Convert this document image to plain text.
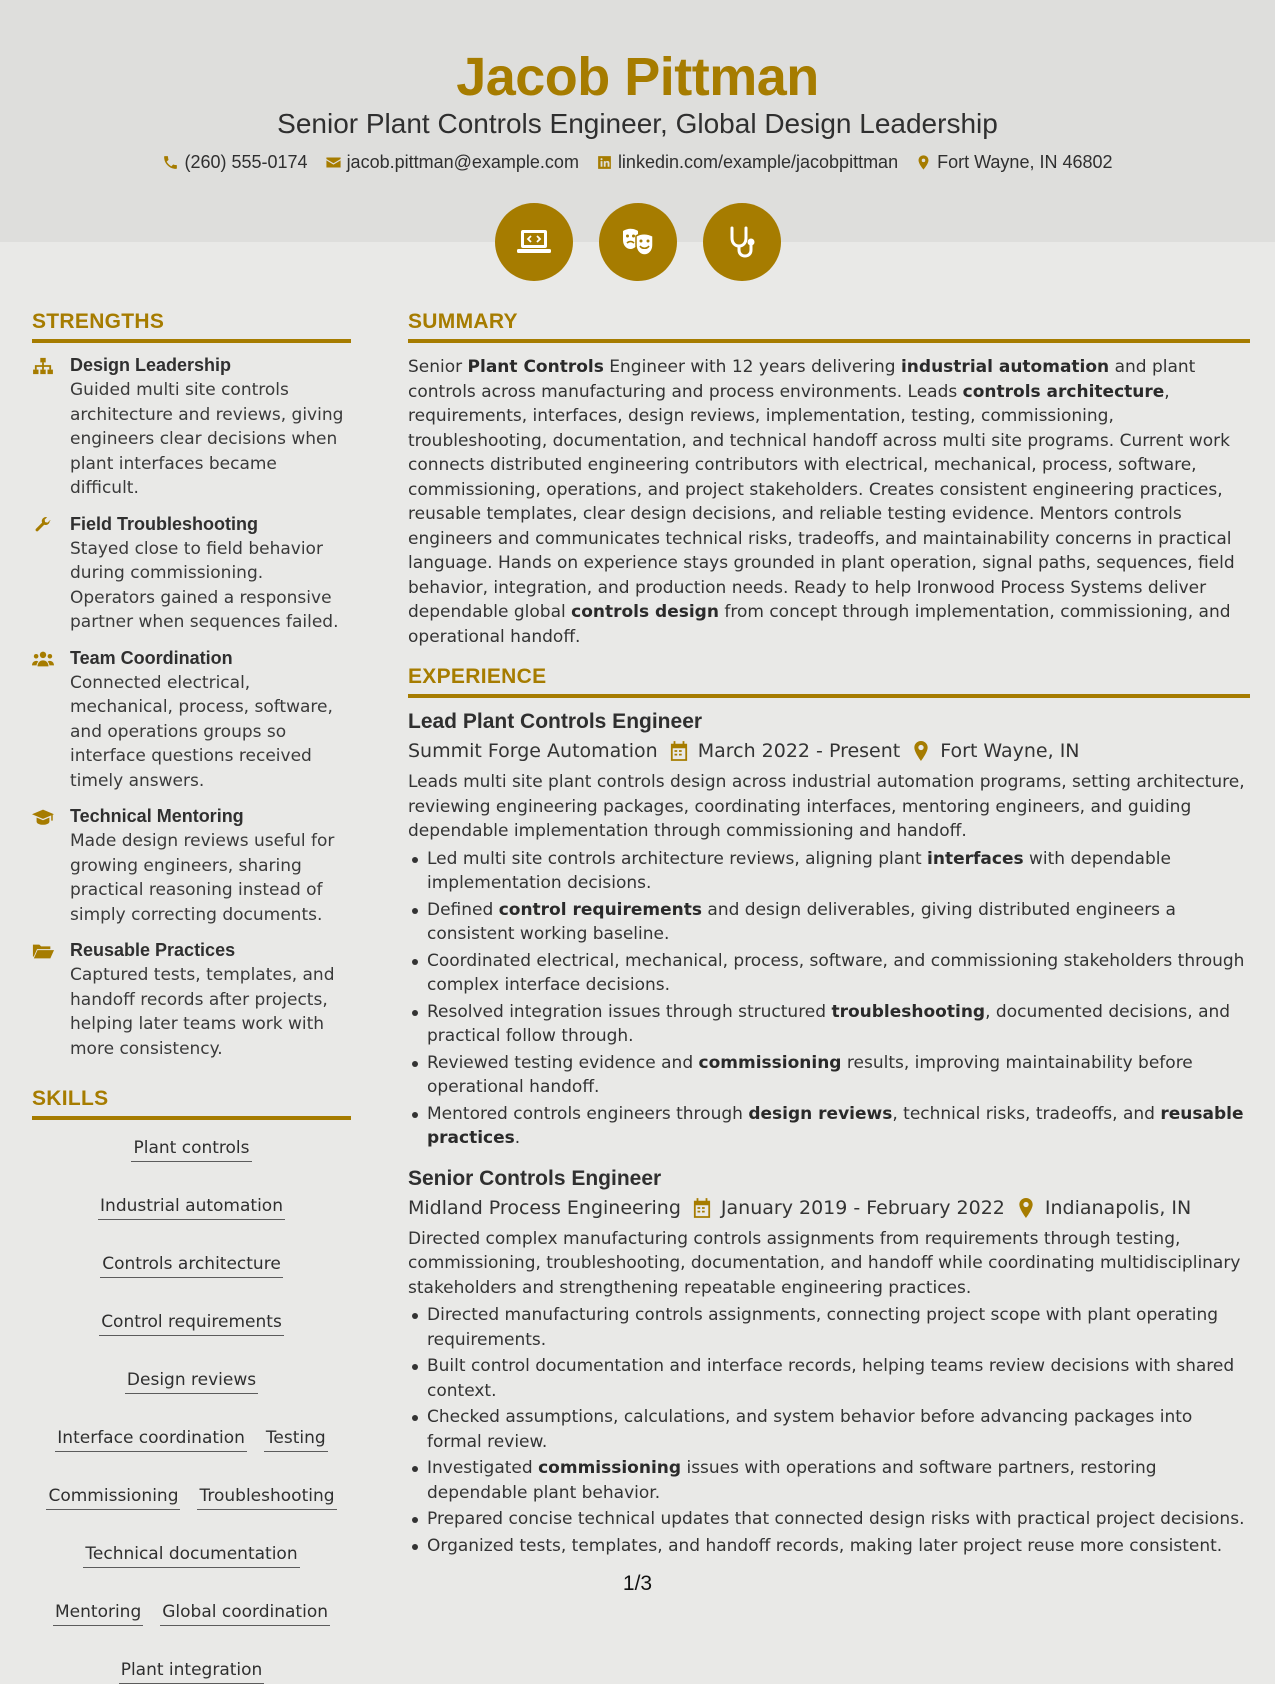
Jacob Pittman
Senior Plant Controls Engineer, Global Design Leadership
(260) 555-0174 jacob.pittman@example.com linkedin.com/example/jacobpittman Fort Wayne, IN 46802
STRENGTHS
Design Leadership
Guided multi site controls architecture and reviews, giving engineers clear decisions when plant interfaces became difficult.
Field Troubleshooting
Stayed close to field behavior during commissioning. Operators gained a responsive partner when sequences failed.
Team Coordination
Connected electrical, mechanical, process, software, and operations groups so interface questions received timely answers.
Technical Mentoring
Made design reviews useful for growing engineers, sharing practical reasoning instead of simply correcting documents.
Reusable Practices
Captured tests, templates, and handoff records after projects, helping later teams work with more consistency.
SKILLS
Plant controls
Industrial automation
Controls architecture
Control requirements
Design reviews
Interface coordination Testing
Commissioning Troubleshooting
Technical documentation
Mentoring Global coordination
Plant integration
SUMMARY
Senior Plant Controls Engineer with 12 years delivering industrial automation and plant controls across manufacturing and process environments. Leads controls architecture, requirements, interfaces, design reviews, implementation, testing, commissioning, troubleshooting, documentation, and technical handoff across multi site programs. Current work connects distributed engineering contributors with electrical, mechanical, process, software, commissioning, operations, and project stakeholders. Creates consistent engineering practices, reusable templates, clear design decisions, and reliable testing evidence. Mentors controls engineers and communicates technical risks, tradeoffs, and maintainability concerns in practical language. Hands on experience stays grounded in plant operation, signal paths, sequences, field behavior, integration, and production needs. Ready to help Ironwood Process Systems deliver dependable global controls design from concept through implementation, commissioning, and operational handoff.
EXPERIENCE
Lead Plant Controls Engineer
Summit Forge Automation March 2022 - Present Fort Wayne, IN
Leads multi site plant controls design across industrial automation programs, setting architecture, reviewing engineering packages, coordinating interfaces, mentoring engineers, and guiding dependable implementation through commissioning and handoff.
Led multi site controls architecture reviews, aligning plant interfaces with dependable implementation decisions.
Defined control requirements and design deliverables, giving distributed engineers a consistent working baseline.
Coordinated electrical, mechanical, process, software, and commissioning stakeholders through complex interface decisions.
Resolved integration issues through structured troubleshooting, documented decisions, and practical follow through.
Reviewed testing evidence and commissioning results, improving maintainability before operational handoff.
Mentored controls engineers through design reviews, technical risks, tradeoffs, and reusable practices.
Senior Controls Engineer
Midland Process Engineering January 2019 - February 2022 Indianapolis, IN
Directed complex manufacturing controls assignments from requirements through testing, commissioning, troubleshooting, documentation, and handoff while coordinating multidisciplinary stakeholders and strengthening repeatable engineering practices.
Directed manufacturing controls assignments, connecting project scope with plant operating requirements.
Built control documentation and interface records, helping teams review decisions with shared context.
Checked assumptions, calculations, and system behavior before advancing packages into formal review.
Investigated commissioning issues with operations and software partners, restoring dependable plant behavior.
Prepared concise technical updates that connected design risks with practical project decisions.
Organized tests, templates, and handoff records, making later project reuse more consistent.
1/3
